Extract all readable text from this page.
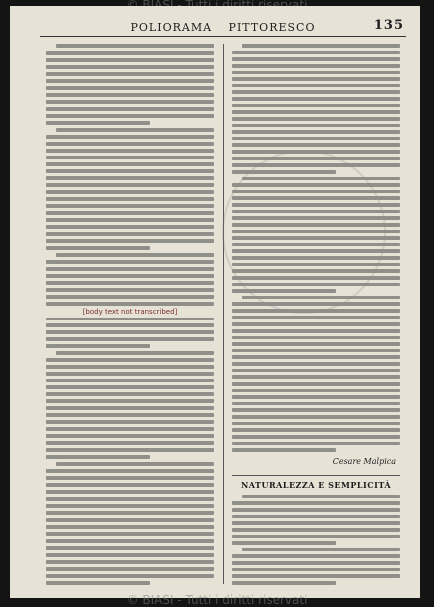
POLIORAMA PITTORESCO	135
[body text not transcribed]
Cesare Malpica
NATURALEZZA E SEMPLICITÀ
© BIASI - Tutti i diritti riservati
